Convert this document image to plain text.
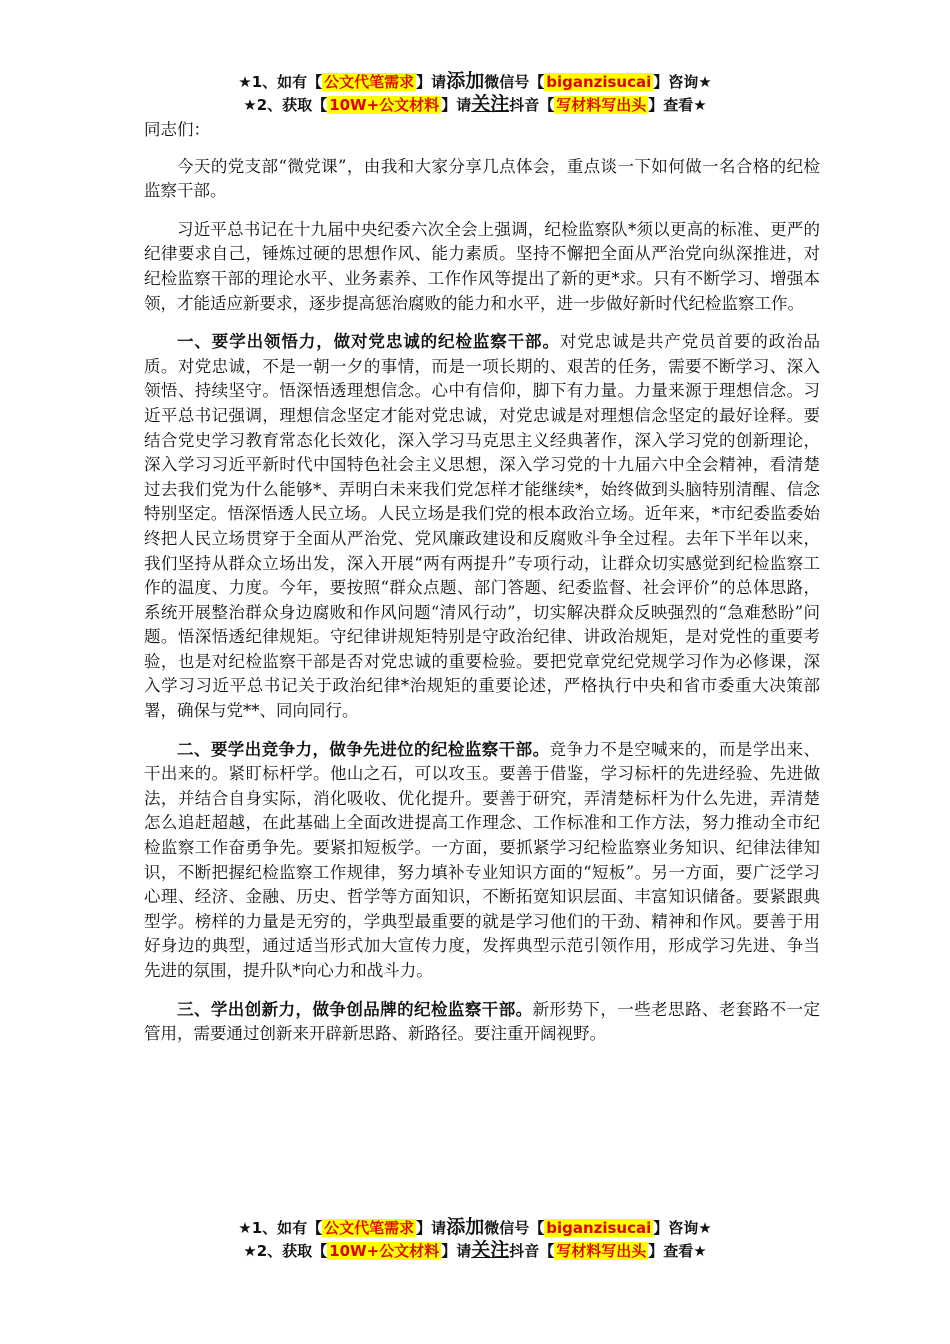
★1、如有【 公文代笔需求 】请添加微信号【 biganzisucai 】咨询★
★2、获取【 10W+公文材料 】请关注抖音【 写材料写出头 】查看★

同志们：

今天的党支部“微党课”，由我和大家分享几点体会，重点谈一下如何做一名合格的纪检监察干部。

习近平总书记在十九届中央纪委六次全会上强调，纪检监察队*须以更高的标准、更严的纪律要求自己，锤炼过硬的思想作风、能力素质。坚持不懈把全面从严治党向纵深推进，对纪检监察干部的理论水平、业务素养、工作作风等提出了新的更*求。只有不断学习、增强本领，才能适应新要求，逐步提高惩治腐败的能力和水平，进一步做好新时代纪检监察工作。

一、要学出领悟力，做对党忠诚的纪检监察干部。对党忠诚是共产党员首要的政治品质。对党忠诚，不是一朝一夕的事情，而是一项长期的、艰苦的任务，需要不断学习、深入领悟、持续坚守。悟深悟透理想信念。心中有信仰，脚下有力量。力量来源于理想信念。习近平总书记强调，理想信念坚定才能对党忠诚，对党忠诚是对理想信念坚定的最好诠释。要结合党史学习教育常态化长效化，深入学习马克思主义经典著作，深入学习党的创新理论，深入学习习近平新时代中国特色社会主义思想，深入学习党的十九届六中全会精神，看清楚过去我们党为什么能够*、弄明白未来我们党怎样才能继续*，始终做到头脑特别清醒、信念特别坚定。悟深悟透人民立场。人民立场是我们党的根本政治立场。近年来，*市纪委监委始终把人民立场贯穿于全面从严治党、党风廉政建设和反腐败斗争全过程。去年下半年以来，我们坚持从群众立场出发，深入开展“两有两提升”专项行动，让群众切实感觉到纪检监察工作的温度、力度。今年，要按照“群众点题、部门答题、纪委监督、社会评价”的总体思路，系统开展整治群众身边腐败和作风问题“清风行动”，切实解决群众反映强烈的“急难愁盼”问题。悟深悟透纪律规矩。守纪律讲规矩特别是守政治纪律、讲政治规矩，是对党性的重要考验，也是对纪检监察干部是否对党忠诚的重要检验。要把党章党纪党规学习作为必修课，深入学习习近平总书记关于政治纪律*治规矩的重要论述，严格执行中央和省市委重大决策部署，确保与党**、同向同行。

二、要学出竞争力，做争先进位的纪检监察干部。竞争力不是空喊来的，而是学出来、干出来的。紧盯标杆学。他山之石，可以攻玉。要善于借鉴，学习标杆的先进经验、先进做法，并结合自身实际，消化吸收、优化提升。要善于研究，弄清楚标杆为什么先进，弄清楚怎么追赶超越，在此基础上全面改进提高工作理念、工作标准和工作方法，努力推动全市纪检监察工作奋勇争先。要紧扣短板学。一方面，要抓紧学习纪检监察业务知识、纪律法律知识，不断把握纪检监察工作规律，努力填补专业知识方面的“短板”。另一方面，要广泛学习心理、经济、金融、历史、哲学等方面知识，不断拓宽知识层面、丰富知识储备。要紧跟典型学。榜样的力量是无穷的，学典型最重要的就是学习他们的干劲、精神和作风。要善于用好身边的典型，通过适当形式加大宣传力度，发挥典型示范引领作用，形成学习先进、争当先进的氛围，提升队*向心力和战斗力。

三、学出创新力，做争创品牌的纪检监察干部。新形势下，一些老思路、老套路不一定管用，需要通过创新来开辟新思路、新路径。要注重开阔视野。

★1、如有【 公文代笔需求 】请添加微信号【 biganzisucai 】咨询★
★2、获取【 10W+公文材料 】请关注抖音【 写材料写出头 】查看★
